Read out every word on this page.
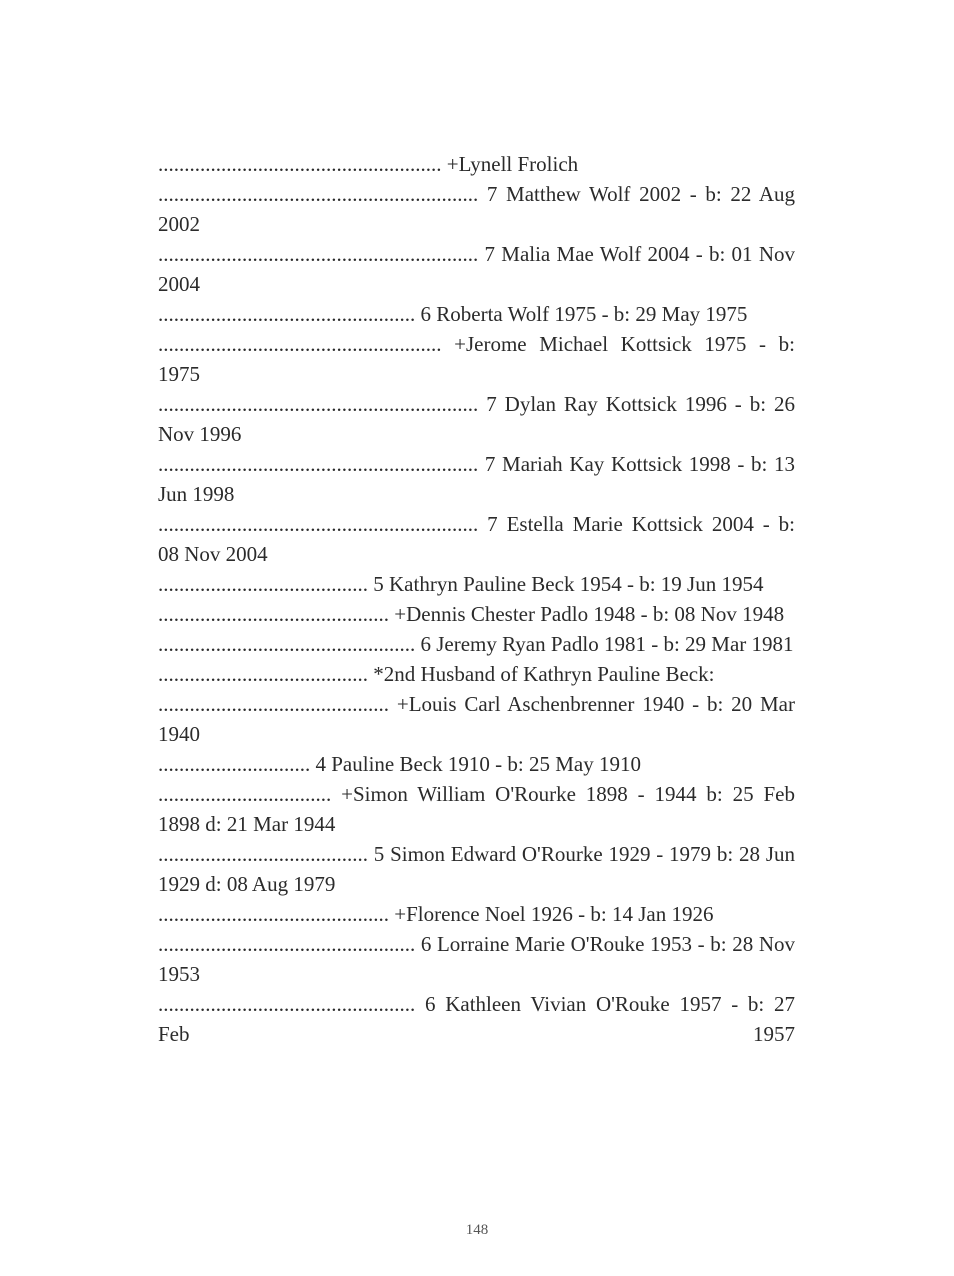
...................................................... +Lynell Frolich

............................................................. 7 Matthew Wolf 2002 - b: 22 Aug 2002

............................................................. 7 Malia Mae Wolf 2004 - b: 01 Nov 2004

................................................. 6 Roberta Wolf 1975 - b: 29 May 1975

...................................................... +Jerome Michael Kottsick 1975 - b: 1975

............................................................. 7 Dylan Ray Kottsick 1996 - b: 26 Nov 1996

............................................................. 7 Mariah Kay Kottsick 1998 - b: 13 Jun 1998

............................................................. 7 Estella Marie Kottsick 2004 - b: 08 Nov 2004

........................................ 5 Kathryn Pauline Beck 1954 - b: 19 Jun 1954

............................................ +Dennis Chester Padlo 1948 - b: 08 Nov 1948

................................................. 6 Jeremy Ryan Padlo 1981 - b: 29 Mar 1981

........................................ *2nd Husband of Kathryn Pauline Beck:

............................................ +Louis Carl Aschenbrenner 1940 - b: 20 Mar 1940

............................. 4 Pauline Beck 1910 - b: 25 May 1910

................................. +Simon William O'Rourke 1898 - 1944 b: 25 Feb 1898 d: 21 Mar 1944

........................................ 5 Simon Edward O'Rourke 1929 - 1979 b: 28 Jun 1929 d: 08 Aug 1979

............................................ +Florence Noel 1926 - b: 14 Jan 1926

................................................. 6 Lorraine Marie O'Rouke 1953 - b: 28 Nov 1953

................................................. 6 Kathleen Vivian O'Rouke 1957 - b: 27 Feb 1957

148
